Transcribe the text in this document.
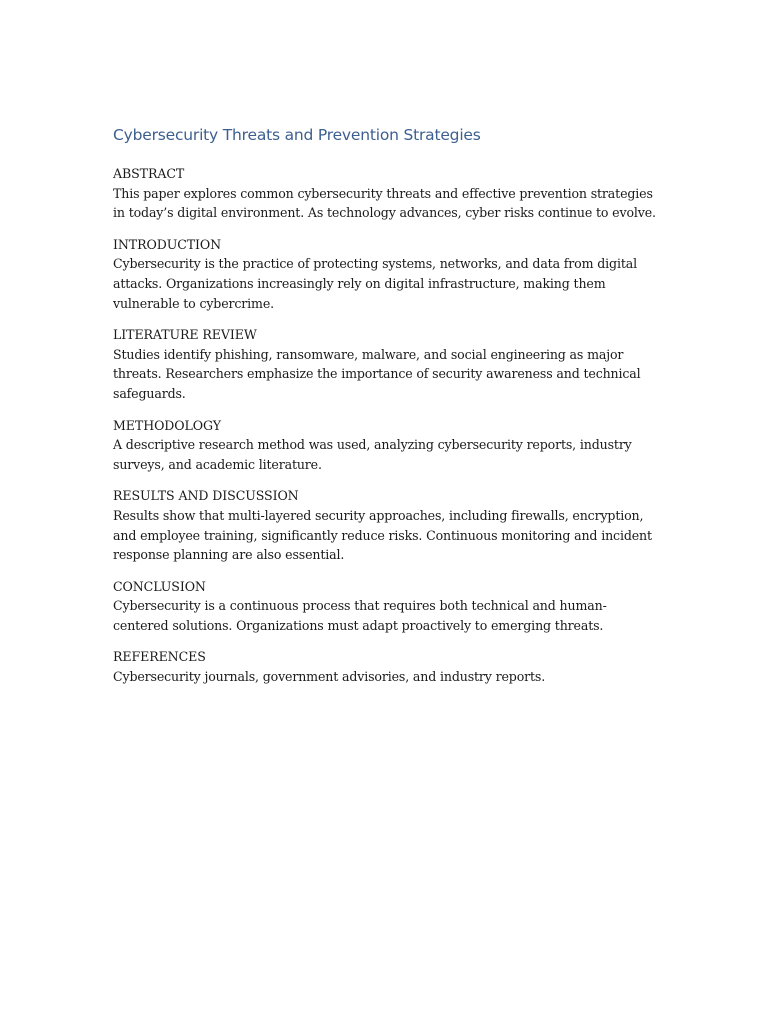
Cybersecurity Threats and Prevention Strategies

ABSTRACT

This paper explores common cybersecurity threats and effective prevention strategies in today’s digital environment. As technology advances, cyber risks continue to evolve.

INTRODUCTION

Cybersecurity is the practice of protecting systems, networks, and data from digital attacks. Organizations increasingly rely on digital infrastructure, making them vulnerable to cybercrime.

LITERATURE REVIEW

Studies identify phishing, ransomware, malware, and social engineering as major threats. Researchers emphasize the importance of security awareness and technical safeguards.

METHODOLOGY

A descriptive research method was used, analyzing cybersecurity reports, industry surveys, and academic literature.

RESULTS AND DISCUSSION

Results show that multi-layered security approaches, including firewalls, encryption, and employee training, significantly reduce risks. Continuous monitoring and incident response planning are also essential.

CONCLUSION

Cybersecurity is a continuous process that requires both technical and human-centered solutions. Organizations must adapt proactively to emerging threats.

REFERENCES

Cybersecurity journals, government advisories, and industry reports.
